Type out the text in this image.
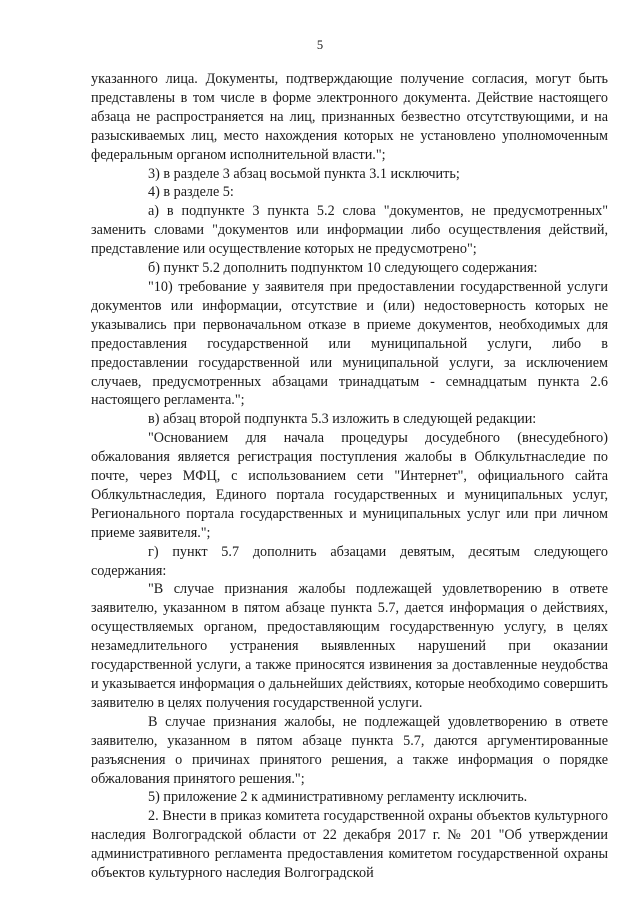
5

указанного лица. Документы, подтверждающие получение согласия, могут быть представлены в том числе в форме электронного документа. Действие настоящего абзаца не распространяется на лиц, признанных безвестно отсутствующими, и на разыскиваемых лиц, место нахождения которых не установлено уполномоченным федеральным органом исполнительной власти.";

3) в разделе 3 абзац восьмой пункта 3.1 исключить;

4) в разделе 5:

а) в подпункте 3 пункта 5.2 слова "документов, не предусмотренных" заменить словами "документов или информации либо осуществления действий, представление или осуществление которых не предусмотрено";

б) пункт 5.2 дополнить подпунктом 10 следующего содержания:

"10) требование у заявителя при предоставлении государственной услуги документов или информации, отсутствие и (или) недостоверность которых не указывались при первоначальном отказе в приеме документов, необходимых для предоставления государственной или муниципальной услуги, либо в предоставлении государственной или муниципальной услуги, за исключением случаев, предусмотренных абзацами тринадцатым - семнадцатым пункта 2.6 настоящего регламента.";

в) абзац второй подпункта 5.3 изложить в следующей редакции:

"Основанием для начала процедуры досудебного (внесудебного) обжалования является регистрация поступления жалобы в Облкультнаследие по почте, через МФЦ, с использованием сети "Интернет", официального сайта Облкультнаследия, Единого портала государственных и муниципальных услуг, Регионального портала государственных и муниципальных услуг или при личном приеме заявителя.";

г) пункт 5.7 дополнить абзацами девятым, десятым следующего содержания:

"В случае признания жалобы подлежащей удовлетворению в ответе заявителю, указанном в пятом абзаце пункта 5.7, дается информация о действиях, осуществляемых органом, предоставляющим государственную услугу, в целях незамедлительного устранения выявленных нарушений при оказании государственной услуги, а также приносятся извинения за доставленные неудобства и указывается информация о дальнейших действиях, которые необходимо совершить заявителю в целях получения государственной услуги.

В случае признания жалобы, не подлежащей удовлетворению в ответе заявителю, указанном в пятом абзаце пункта 5.7, даются аргументированные разъяснения о причинах принятого решения, а также информация о порядке обжалования принятого решения.";

5) приложение 2 к административному регламенту исключить.

2. Внести в приказ комитета государственной охраны объектов культурного наследия Волгоградской области от 22 декабря 2017 г. № 201 "Об утверждении административного регламента предоставления комитетом государственной охраны объектов культурного наследия Волгоградской
